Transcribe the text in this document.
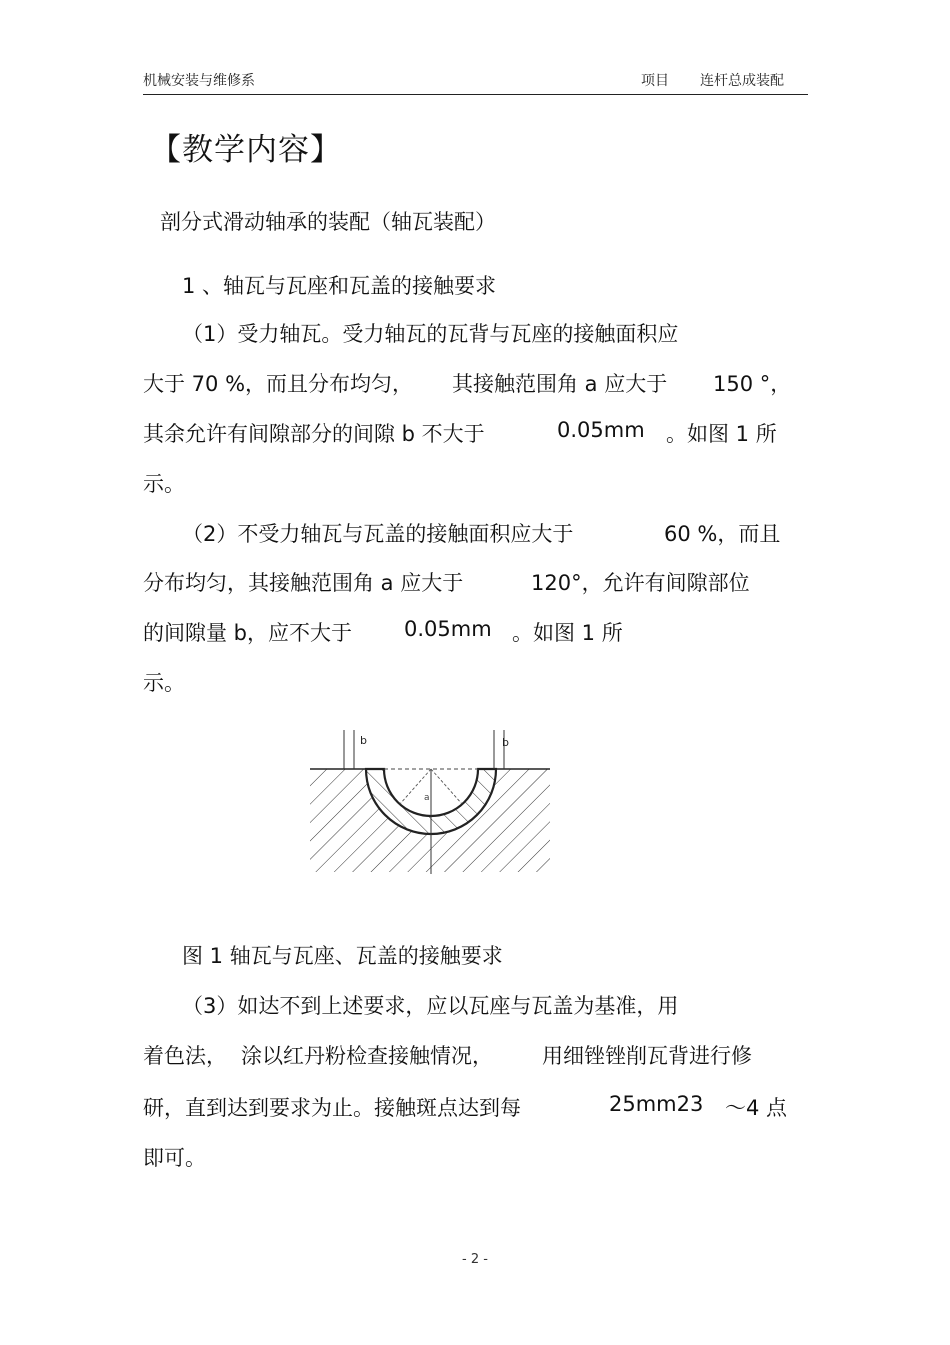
机械安装与维修系	项目 连杆总成装配
【教学内容】
剖分式滑动轴承的装配（轴瓦装配）
1 、轴瓦与瓦座和瓦盖的接触要求
（1）受力轴瓦。受力轴瓦的瓦背与瓦座的接触面积应
大于 70 %，而且分布均匀， 其接触范围角 a 应大于 150 °，
其余允许有间隙部分的间隙 b 不大于	0.05mm 。如图 1 所
示。
（2）不受力轴瓦与瓦盖的接触面积应大于	60 %，而且
分布均匀，其接触范围角 a 应大于	120°，允许有间隙部位
的间隙量 b，应不大于 0.05mm 。如图 1 所
示。
b	b
a
图 1 轴瓦与瓦座、瓦盖的接触要求
（3）如达不到上述要求，应以瓦座与瓦盖为基准，用
着色法， 涂以红丹粉检查接触情况， 用细锉锉削瓦背进行修
研，直到达到要求为止。接触斑点达到每	25mm23 ～4 点
即可。
- 2 -
